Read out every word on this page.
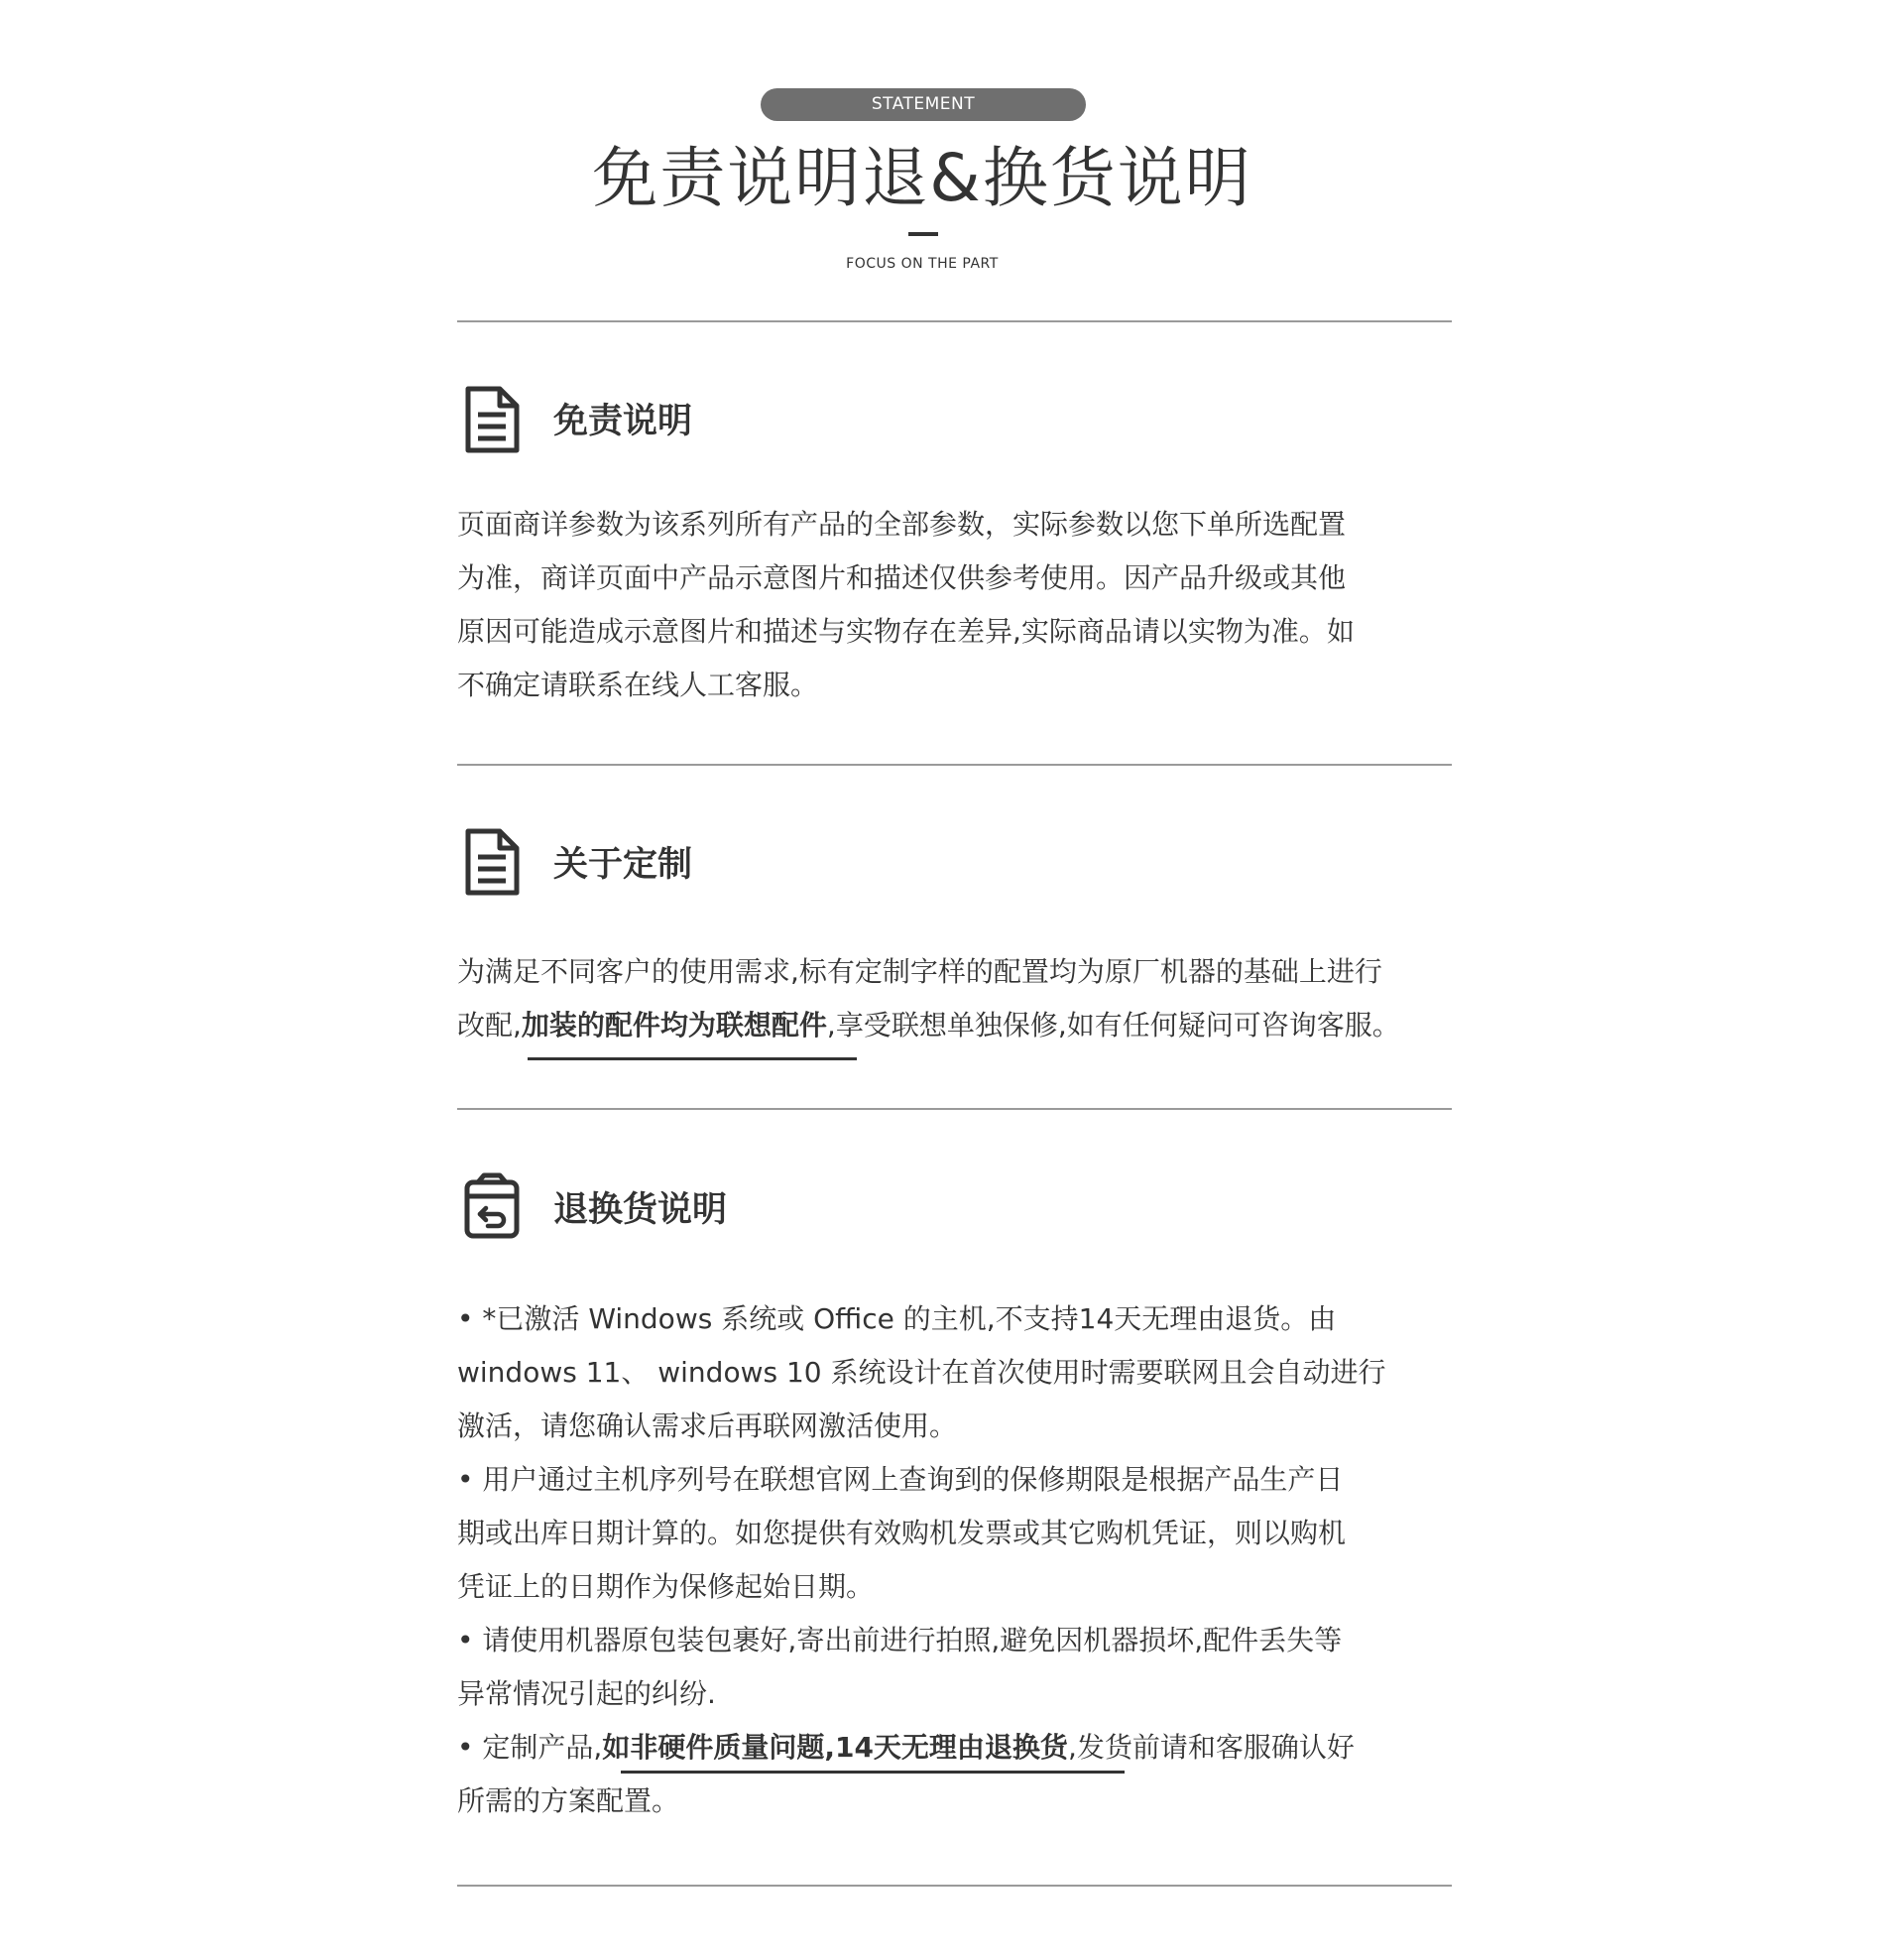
STATEMENT
免责说明退&换货说明
FOCUS ON THE PART
免责说明
页面商详参数为该系列所有产品的全部参数，实际参数以您下单所选配置
为准，商详页面中产品示意图片和描述仅供参考使用。因产品升级或其他
原因可能造成示意图片和描述与实物存在差异,实际商品请以实物为准。如
不确定请联系在线人工客服。
关于定制
为满足不同客户的使用需求,标有定制字样的配置均为原厂机器的基础上进行
改配,加装的配件均为联想配件,享受联想单独保修,如有任何疑问可咨询客服。
退换货说明
• *已激活 Windows 系统或 Office 的主机,不支持14天无理由退货。由
windows 11、 windows 10 系统设计在首次使用时需要联网且会自动进行
激活，请您确认需求后再联网激活使用。
• 用户通过主机序列号在联想官网上查询到的保修期限是根据产品生产日
期或出库日期计算的。如您提供有效购机发票或其它购机凭证，则以购机
凭证上的日期作为保修起始日期。
• 请使用机器原包装包裹好,寄出前进行拍照,避免因机器损坏,配件丢失等
异常情况引起的纠纷.
• 定制产品,如非硬件质量问题,14天无理由退换货,发货前请和客服确认好
所需的方案配置。
